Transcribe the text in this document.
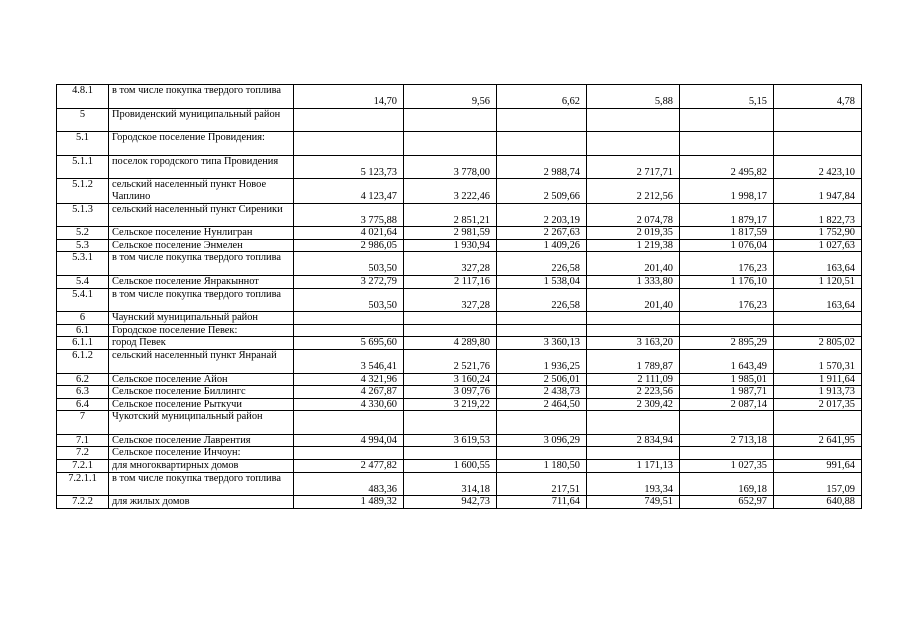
4.8.1	в том числе покупка твердого топлива	14,70	9,56	6,62	5,88	5,15	4,78
5	Провиденский муниципальный район						
5.1	Городское поселение Провидения:						
5.1.1	поселок городского типа Провидения	5 123,73	3 778,00	2 988,74	2 717,71	2 495,82	2 423,10
5.1.2	сельский населенный пункт Новое Чаплино	4 123,47	3 222,46	2 509,66	2 212,56	1 998,17	1 947,84
5.1.3	сельский населенный пункт Сиреники	3 775,88	2 851,21	2 203,19	2 074,78	1 879,17	1 822,73
5.2	Сельское поселение Нунлигран	4 021,64	2 981,59	2 267,63	2 019,35	1 817,59	1 752,90
5.3	Сельское поселение Энмелен	2 986,05	1 930,94	1 409,26	1 219,38	1 076,04	1 027,63
5.3.1	в том числе покупка твердого топлива	503,50	327,28	226,58	201,40	176,23	163,64
5.4	Сельское поселение Янракыннот	3 272,79	2 117,16	1 538,04	1 333,80	1 176,10	1 120,51
5.4.1	в том числе покупка твердого топлива	503,50	327,28	226,58	201,40	176,23	163,64
6	Чаунский муниципальный район						
6.1	Городское поселение Певек:						
6.1.1	город Певек	5 695,60	4 289,80	3 360,13	3 163,20	2 895,29	2 805,02
6.1.2	сельский населенный пункт Янранай	3 546,41	2 521,76	1 936,25	1 789,87	1 643,49	1 570,31
6.2	Сельское поселение Айон	4 321,96	3 160,24	2 506,01	2 111,09	1 985,01	1 911,64
6.3	Сельское поселение Биллингс	4 267,87	3 097,76	2 438,73	2 223,56	1 987,71	1 913,73
6.4	Сельское поселение Рыткучи	4 330,60	3 219,22	2 464,50	2 309,42	2 087,14	2 017,35
7	Чукотский муниципальный район						
7.1	Сельское поселение Лаврентия	4 994,04	3 619,53	3 096,29	2 834,94	2 713,18	2 641,95
7.2	Сельское поселение Инчоун:						
7.2.1	для многоквартирных домов	2 477,82	1 600,55	1 180,50	1 171,13	1 027,35	991,64
7.2.1.1	в том числе покупка твердого топлива	483,36	314,18	217,51	193,34	169,18	157,09
7.2.2	для жилых домов	1 489,32	942,73	711,64	749,51	652,97	640,88
